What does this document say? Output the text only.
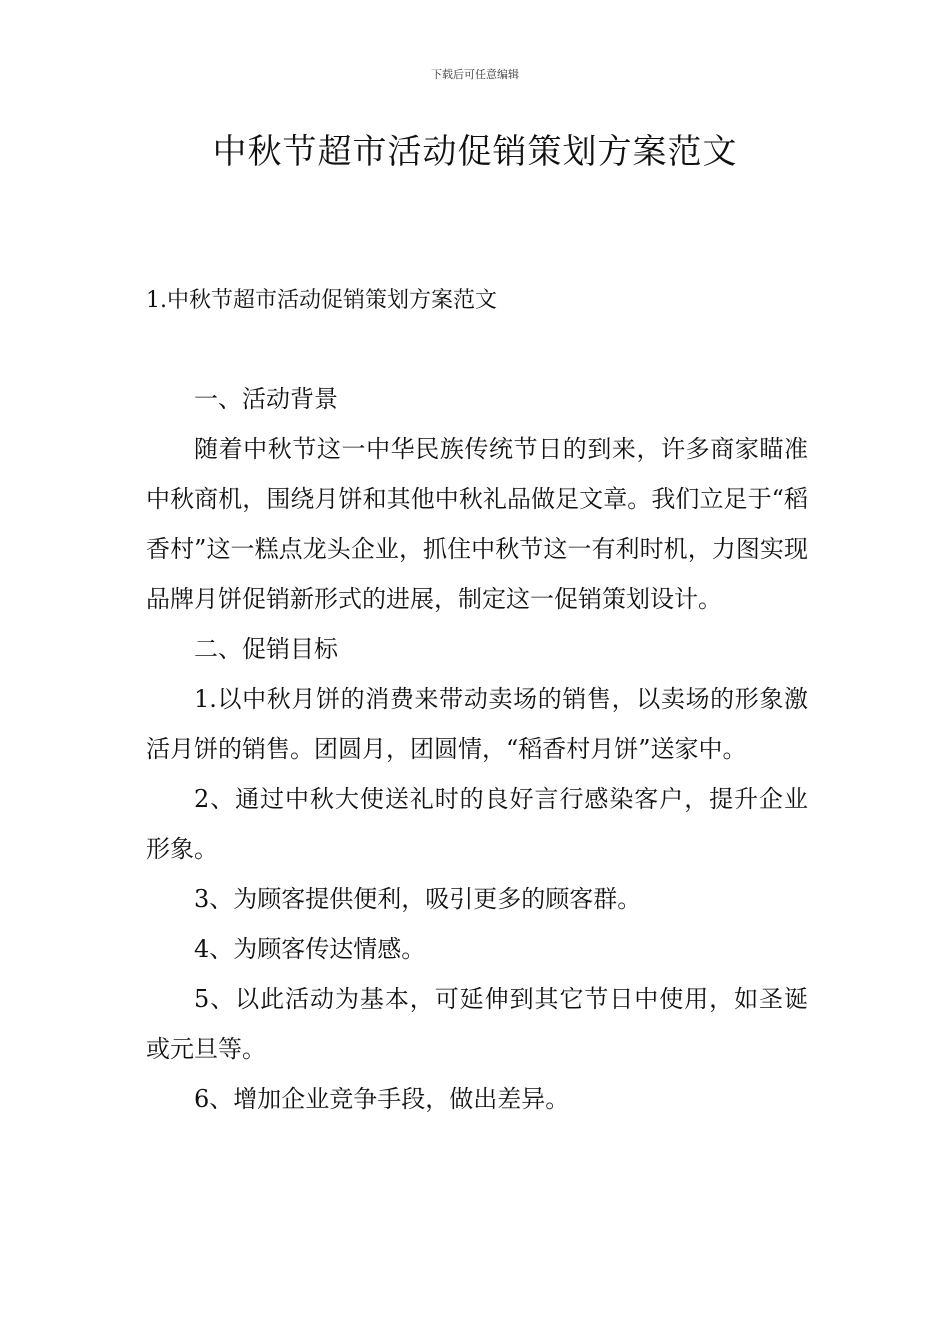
下载后可任意编辑
中秋节超市活动促销策划方案范文
1.中秋节超市活动促销策划方案范文

一、活动背景

随着中秋节这一中华民族传统节日的到来，许多商家瞄准中秋商机，围绕月饼和其他中秋礼品做足文章。我们立足于“稻香村”这一糕点龙头企业，抓住中秋节这一有利时机，力图实现品牌月饼促销新形式的进展，制定这一促销策划设计。

二、促销目标

1.以中秋月饼的消费来带动卖场的销售，以卖场的形象激活月饼的销售。团圆月，团圆情，“稻香村月饼”送家中。

2、通过中秋大使送礼时的良好言行感染客户，提升企业形象。

3、为顾客提供便利，吸引更多的顾客群。

4、为顾客传达情感。

5、以此活动为基本，可延伸到其它节日中使用，如圣诞或元旦等。

6、增加企业竞争手段，做出差异。
